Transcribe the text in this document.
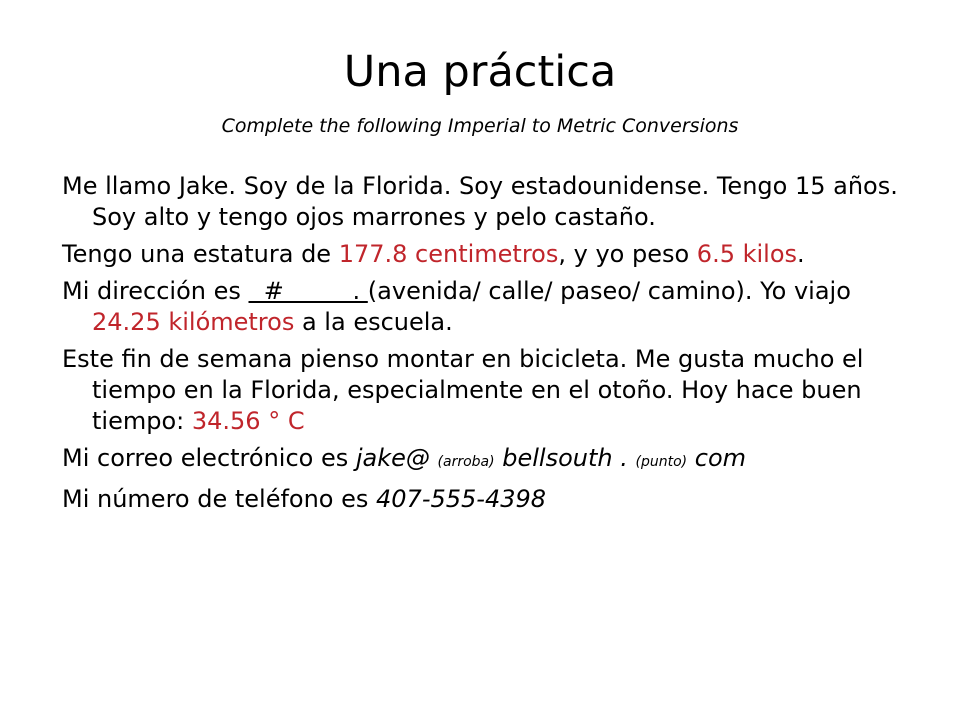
Una práctica
Complete the following Imperial to Metric Conversions

Me llamo Jake. Soy de la Florida. Soy estadounidense. Tengo 15 años. Soy alto y tengo ojos marrones y pelo castaño.

Tengo una estatura de 177.8 centimetros, y yo peso 6.5 kilos.

Mi dirección es   #         . (avenida/ calle/ paseo/ camino). Yo viajo 24.25 kilómetros a la escuela.

Este fin de semana pienso montar en bicicleta. Me gusta mucho el tiempo en la Florida, especialmente en el otoño. Hoy hace buen tiempo: 34.56 ° C

Mi correo electrónico es jake@ (arroba) bellsouth . (punto) com

Mi número de teléfono es 407-555-4398
